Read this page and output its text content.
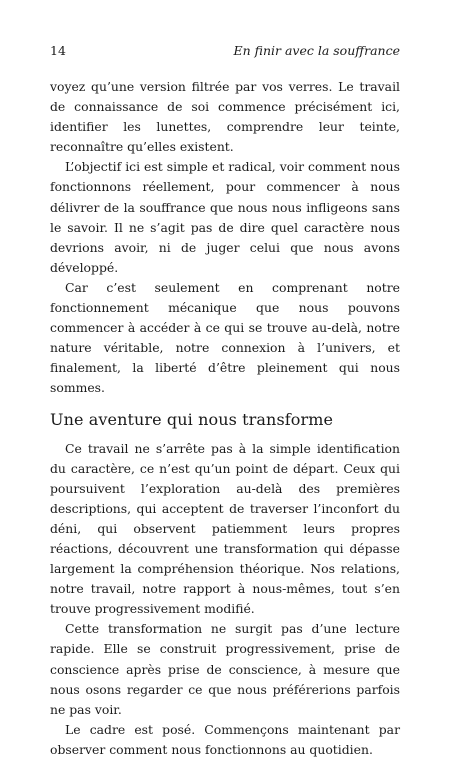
14	En finir avec la souffrance

voyez qu’une version filtrée par vos verres. Le travail de connaissance de soi commence précisément ici, identifier les lunettes, comprendre leur teinte, reconnaître qu’elles existent.

L’objectif ici est simple et radical, voir comment nous fonctionnons réellement, pour commencer à nous délivrer de la souffrance que nous nous infligeons sans le savoir. Il ne s’agit pas de dire quel caractère nous devrions avoir, ni de juger celui que nous avons développé.

Car c’est seulement en comprenant notre fonctionnement mécanique que nous pouvons commencer à accéder à ce qui se trouve au-delà, notre nature véritable, notre connexion à l’univers, et finalement, la liberté d’être pleinement qui nous sommes.

Une aventure qui nous transforme

Ce travail ne s’arrête pas à la simple identification du caractère, ce n’est qu’un point de départ. Ceux qui poursuivent l’exploration au-delà des premières descriptions, qui acceptent de traverser l’inconfort du déni, qui observent patiemment leurs propres réactions, découvrent une transformation qui dépasse largement la compréhension théorique. Nos relations, notre travail, notre rapport à nous-mêmes, tout s’en trouve progressivement modifié.

Cette transformation ne surgit pas d’une lecture rapide. Elle se construit progressivement, prise de conscience après prise de conscience, à mesure que nous osons regarder ce que nous préférerions parfois ne pas voir.

Le cadre est posé. Commençons maintenant par observer comment nous fonctionnons au quotidien.
